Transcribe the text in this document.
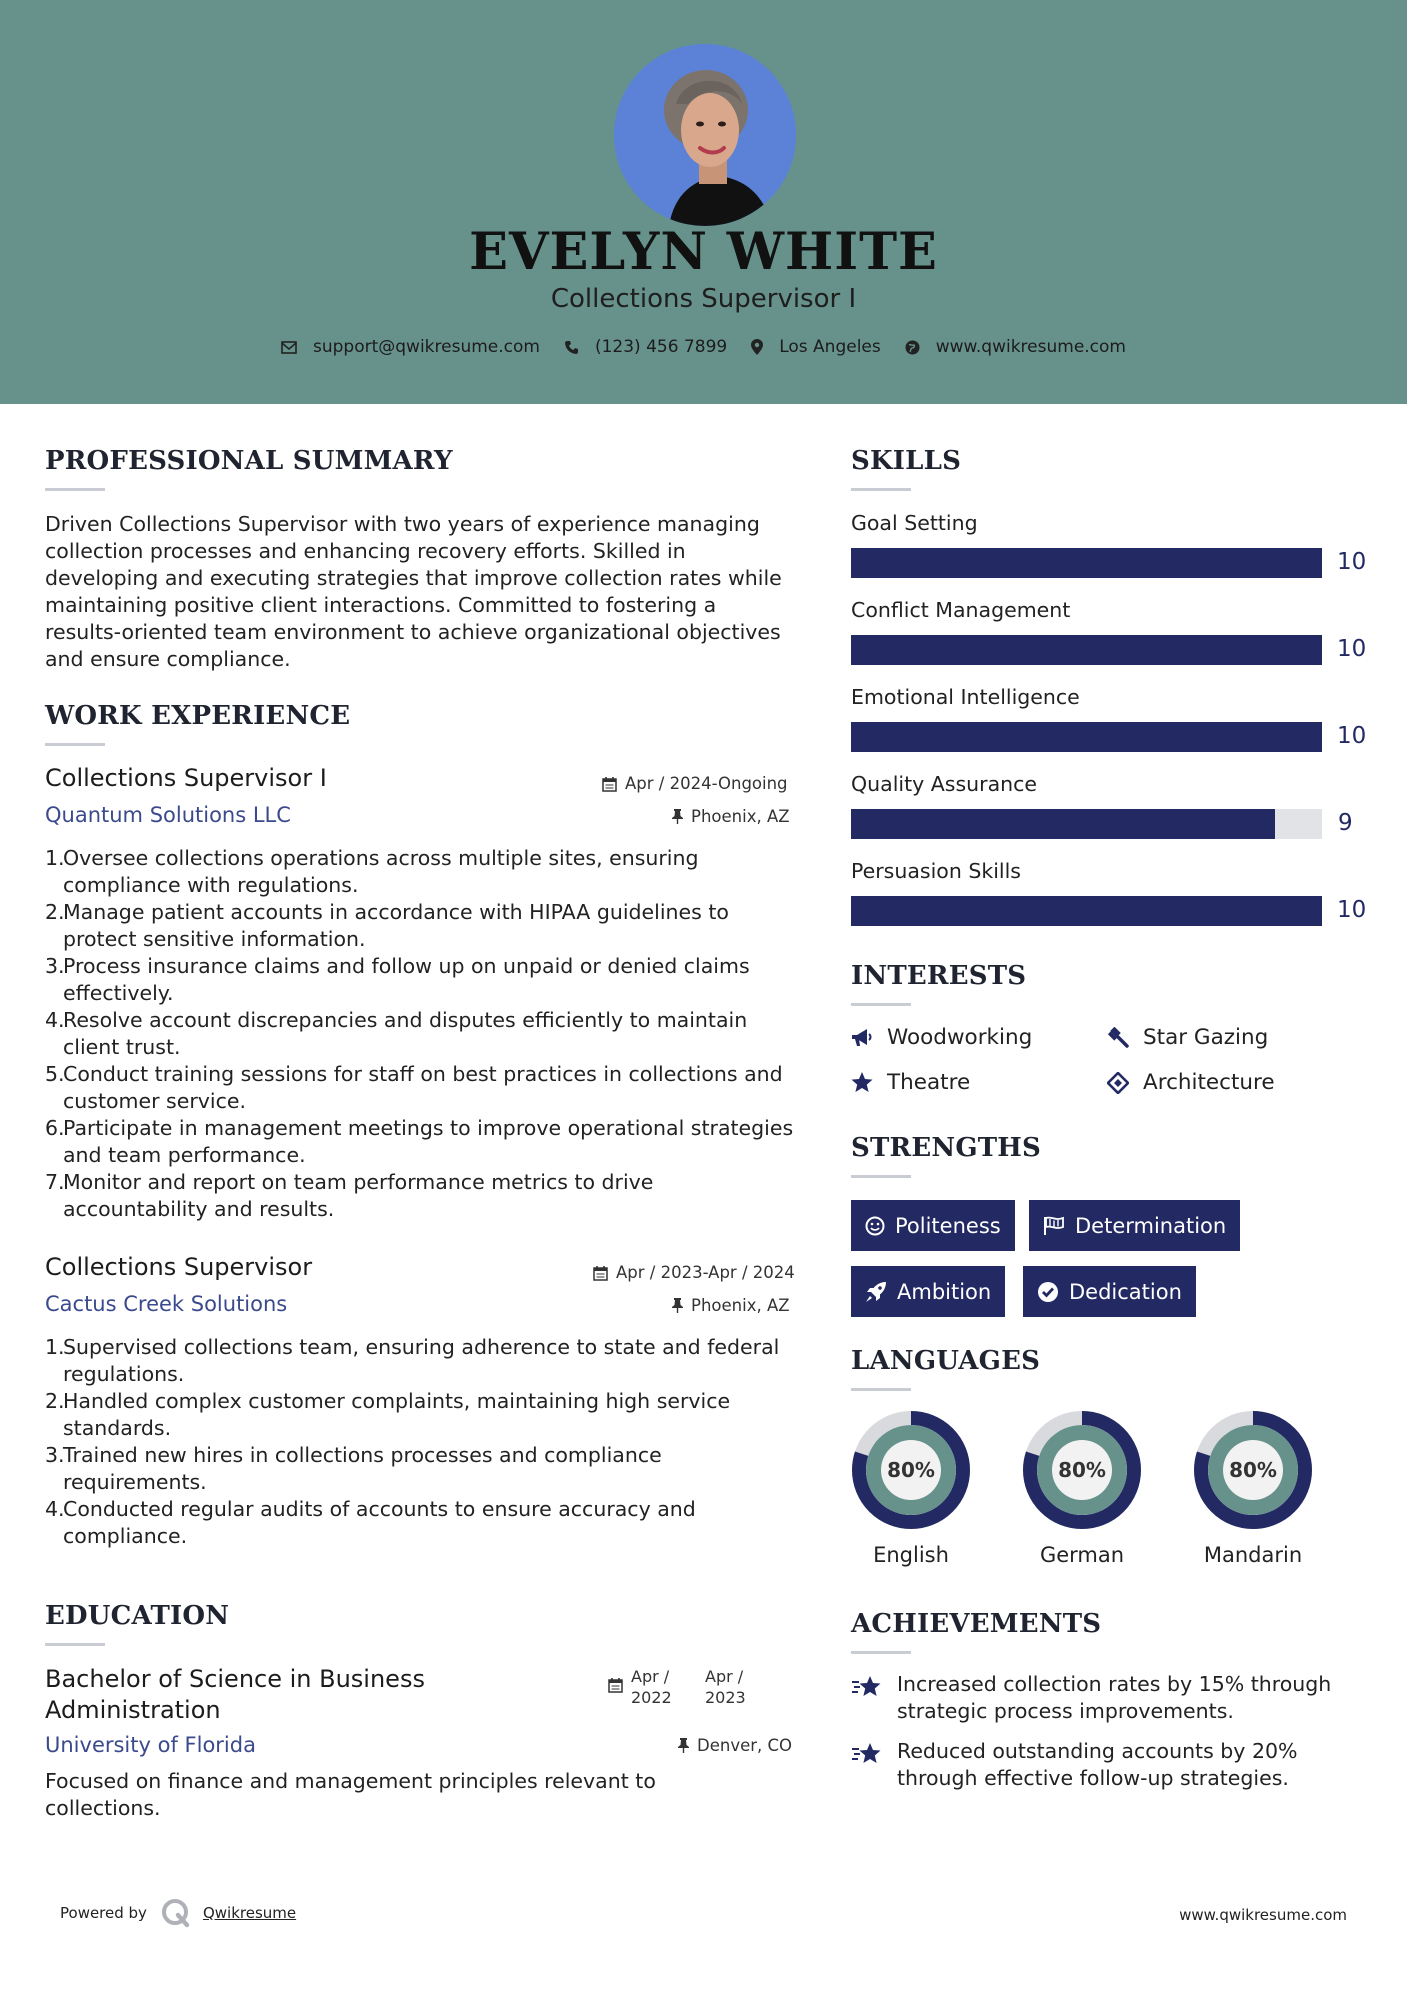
EVELYN WHITE
Collections Supervisor I
support@qwikresume.com	(123) 456 7899	Los Angeles	www.qwikresume.com
PROFESSIONAL SUMMARY
Driven Collections Supervisor with two years of experience managing collection processes and enhancing recovery efforts. Skilled in developing and executing strategies that improve collection rates while maintaining positive client interactions. Committed to fostering a results-oriented team environment to achieve organizational objectives and ensure compliance.
WORK EXPERIENCE
Collections Supervisor I	Apr / 2024-Ongoing
Quantum Solutions LLC	Phoenix, AZ
1.
Oversee collections operations across multiple sites, ensuring compliance with regulations.
2.
Manage patient accounts in accordance with HIPAA guidelines to protect sensitive information.
3.
Process insurance claims and follow up on unpaid or denied claims effectively.
4.
Resolve account discrepancies and disputes efficiently to maintain client trust.
5.
Conduct training sessions for staff on best practices in collections and customer service.
6.
Participate in management meetings to improve operational strategies and team performance.
7.
Monitor and report on team performance metrics to drive accountability and results.
Collections Supervisor	Apr / 2023-Apr / 2024
Cactus Creek Solutions	Phoenix, AZ
1.
Supervised collections team, ensuring adherence to state and federal regulations.
2.
Handled complex customer complaints, maintaining high service standards.
3.
Trained new hires in collections processes and compliance requirements.
4.
Conducted regular audits of accounts to ensure accuracy and compliance.
EDUCATION
Bachelor of Science in Business Administration
Apr / 2022
Apr / 2023
University of Florida	Denver, CO
Focused on finance and management principles relevant to collections.
SKILLS
Goal Setting
10
Conflict Management
10
Emotional Intelligence
10
Quality Assurance
9
Persuasion Skills
10
INTERESTS
Woodworking	Star Gazing
Theatre	Architecture
STRENGTHS
Politeness	Determination
Ambition	Dedication
LANGUAGES
80%
English
80%
German
80%
Mandarin
ACHIEVEMENTS
Increased collection rates by 15% through strategic process improvements.
Reduced outstanding accounts by 20% through effective follow-up strategies.
Powered by	Qwikresume	www.qwikresume.com
